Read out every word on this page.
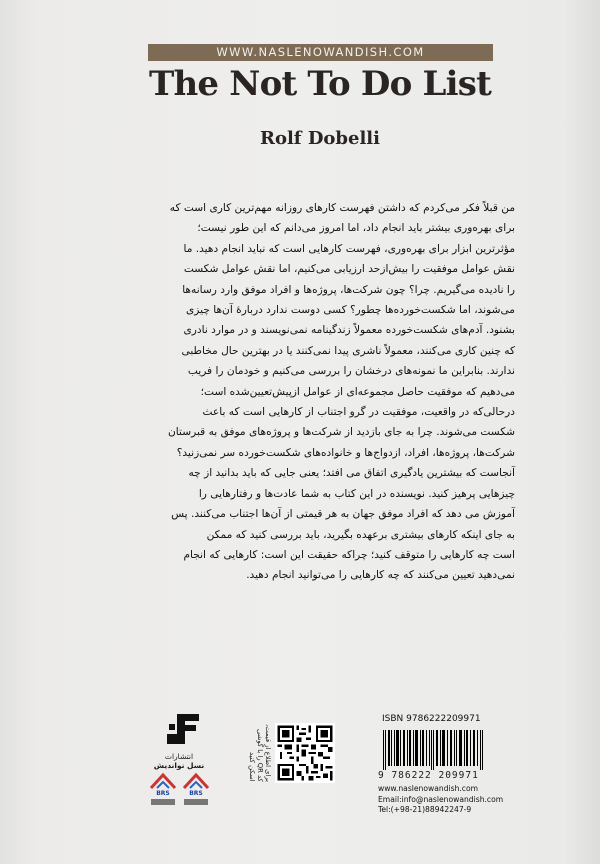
WWW.NASLENOWANDISH.COM
The Not To Do List
Rolf Dobelli

من قبلاً فکر می‌کردم که داشتن فهرست کارهای روزانه مهم‌ترین کاری است که

برای بهره‌وری بیشتر باید انجام داد، اما امروز می‌دانم که این طور نیست؛

مؤثرترین ابزار برای بهره‌وری، فهرست کارهایی است که نباید انجام دهید. ما

نقش عوامل موفقیت را بیش‌ازحد ارزیابی می‌کنیم، اما نقش عوامل شکست

را نادیده می‌گیریم. چرا؟ چون شرکت‌ها، پروژه‌ها و افراد موفق وارد رسانه‌ها

می‌شوند، اما شکست‌خورده‌ها چطور؟ کسی دوست ندارد دربارهٔ آن‌ها چیزی

بشنود. آدم‌های شکست‌خورده معمولاً زندگینامه نمی‌نویسند و در موارد نادری

که چنین کاری می‌کنند، معمولاً ناشری پیدا نمی‌کنند یا در بهترین حال مخاطبی

ندارند. بنابراین ما نمونه‌های درخشان را بررسی می‌کنیم و خودمان را فریب

می‌دهیم که موفقیت حاصل مجموعه‌ای از عوامل ازپیش‌تعیین‌شده است؛

درحالی‌که در واقعیت، موفقیت در گرو اجتناب از کارهایی است که باعث

شکست می‌شوند. چرا به جای بازدید از شرکت‌ها و پروژه‌های موفق به قبرستان

شرکت‌ها، پروژه‌ها، افراد، ازدواج‌ها و خانواده‌های شکست‌خورده سر نمی‌زنید؟

آنجاست که بیشترین یادگیری اتفاق می افتد؛ یعنی جایی که باید بدانید از چه

چیزهایی پرهیز کنید. نویسنده در این کتاب به شما عادت‌ها و رفتارهایی را

آموزش می دهد که افراد موفق جهان به هر قیمتی از آن‌ها اجتناب می‌کنند. پس

به جای اینکه کارهای بیشتری برعهده بگیرید، باید بررسی کنید که ممکن

است چه کارهایی را متوقف کنید؛ چراکه حقیقت این است: کارهایی که انجام

نمی‌دهید تعیین می‌کنند که چه کارهایی را می‌توانید انجام دهید.

انتشارات
نسل نواندیش
BRS	BRS
برای اطلاع از قیمت، کد QR را با گوشی اسکن کنید
ISBN 9786222209971
9 786222 209971
www.naslenowandish.com
Email:info@naslenowandish.com
Tel:(+98-21)88942247-9
